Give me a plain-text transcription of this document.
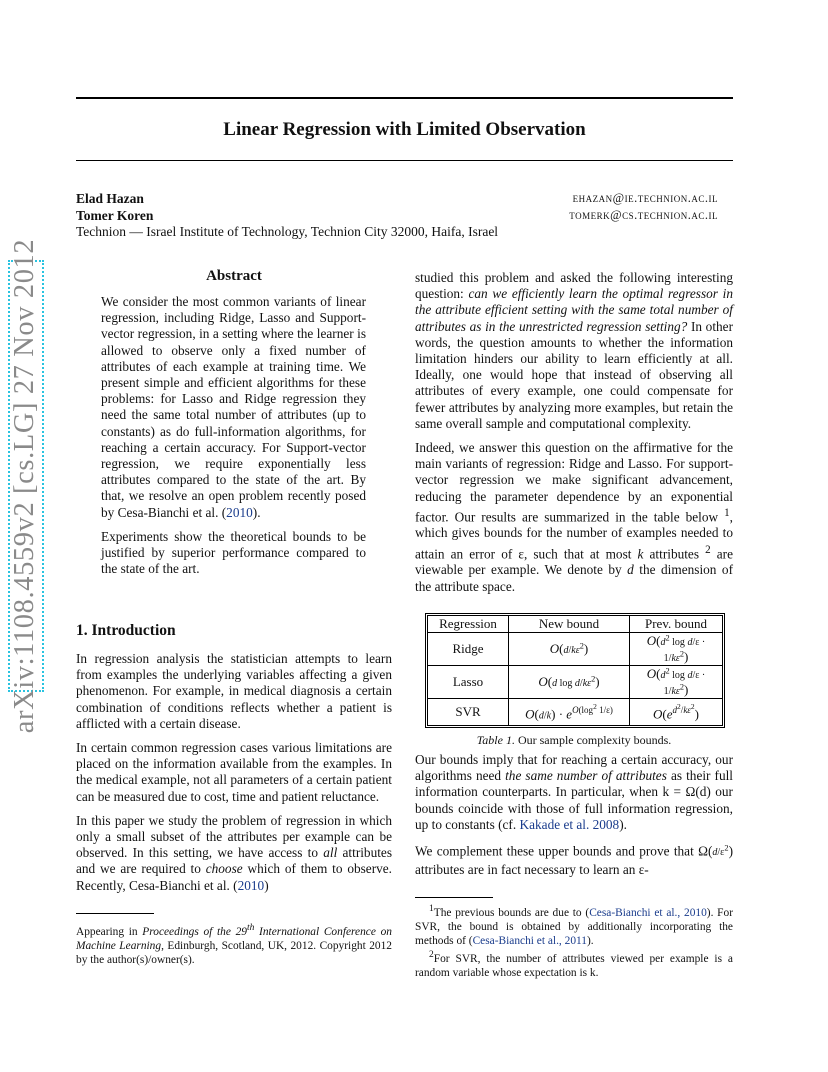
arXiv:1108.4559v2 [cs.LG] 27 Nov 2012
Linear Regression with Limited Observation
Elad Hazan	ehazan@ie.technion.ac.il
Tomer Koren	tomerk@cs.technion.ac.il
Technion — Israel Institute of Technology, Technion City 32000, Haifa, Israel
Abstract

We consider the most common variants of linear regression, including Ridge, Lasso and Support-vector regression, in a setting where the learner is allowed to observe only a fixed number of attributes of each example at training time. We present simple and efficient algorithms for these problems: for Lasso and Ridge regression they need the same total number of attributes (up to constants) as do full-information algorithms, for reaching a certain accuracy. For Support-vector regression, we require exponentially less attributes compared to the state of the art. By that, we resolve an open problem recently posed by Cesa-Bianchi et al. (2010).

Experiments show the theoretical bounds to be justified by superior performance compared to the state of the art.

1. Introduction

In regression analysis the statistician attempts to learn from examples the underlying variables affecting a given phenomenon. For example, in medical diagnosis a certain combination of conditions reflects whether a patient is afflicted with a certain disease.

In certain common regression cases various limitations are placed on the information available from the examples. In the medical example, not all parameters of a certain patient can be measured due to cost, time and patient reluctance.

In this paper we study the problem of regression in which only a small subset of the attributes per example can be observed. In this setting, we have access to all attributes and we are required to choose which of them to observe. Recently, Cesa-Bianchi et al. (2010)

Appearing in Proceedings of the 29th International Conference on Machine Learning, Edinburgh, Scotland, UK, 2012. Copyright 2012 by the author(s)/owner(s).

studied this problem and asked the following interesting question: can we efficiently learn the optimal regressor in the attribute efficient setting with the same total number of attributes as in the unrestricted regression setting? In other words, the question amounts to whether the information limitation hinders our ability to learn efficiently at all. Ideally, one would hope that instead of observing all attributes of every example, one could compensate for fewer attributes by analyzing more examples, but retain the same overall sample and computational complexity.

Indeed, we answer this question on the affirmative for the main variants of regression: Ridge and Lasso. For support-vector regression we make significant advancement, reducing the parameter dependence by an exponential factor. Our results are summarized in the table below $^1$, which gives bounds for the number of examples needed to attain an error of ε, such that at most k attributes $^2$ are viewable per example. We denote by d the dimension of the attribute space.

Regression	New bound	Prev. bound
Ridge	$O(d/k\varepsilon^2)$	$O(d^2$ $\log d/\varepsilon \cdot 1/k\varepsilon^2$)
Lasso	O(d $\log d/k\varepsilon^2$)	$O(d^2$ $\log d/\varepsilon \cdot 1/k\varepsilon^2$)
SVR	$O(d/k) \cdot e^{O(log^2 1/\varepsilon)}$	$O(e^{d^2/k\varepsilon^2})$
Table 1. Our sample complexity bounds.

Our bounds imply that for reaching a certain accuracy, our algorithms need the same number of attributes as their full information counterparts. In particular, when k = Ω(d) our bounds coincide with those of full information regression, up to constants (cf. Kakade et al. 2008).

We complement these upper bounds and prove that $\Omega(d/\varepsilon^2)$ attributes are in fact necessary to learn an ε-

$^1$The previous bounds are due to (Cesa-Bianchi et al., 2010). For SVR, the bound is obtained by additionally incorporating the methods of (Cesa-Bianchi et al., 2011).

$^2$For SVR, the number of attributes viewed per example is a random variable whose expectation is k.
